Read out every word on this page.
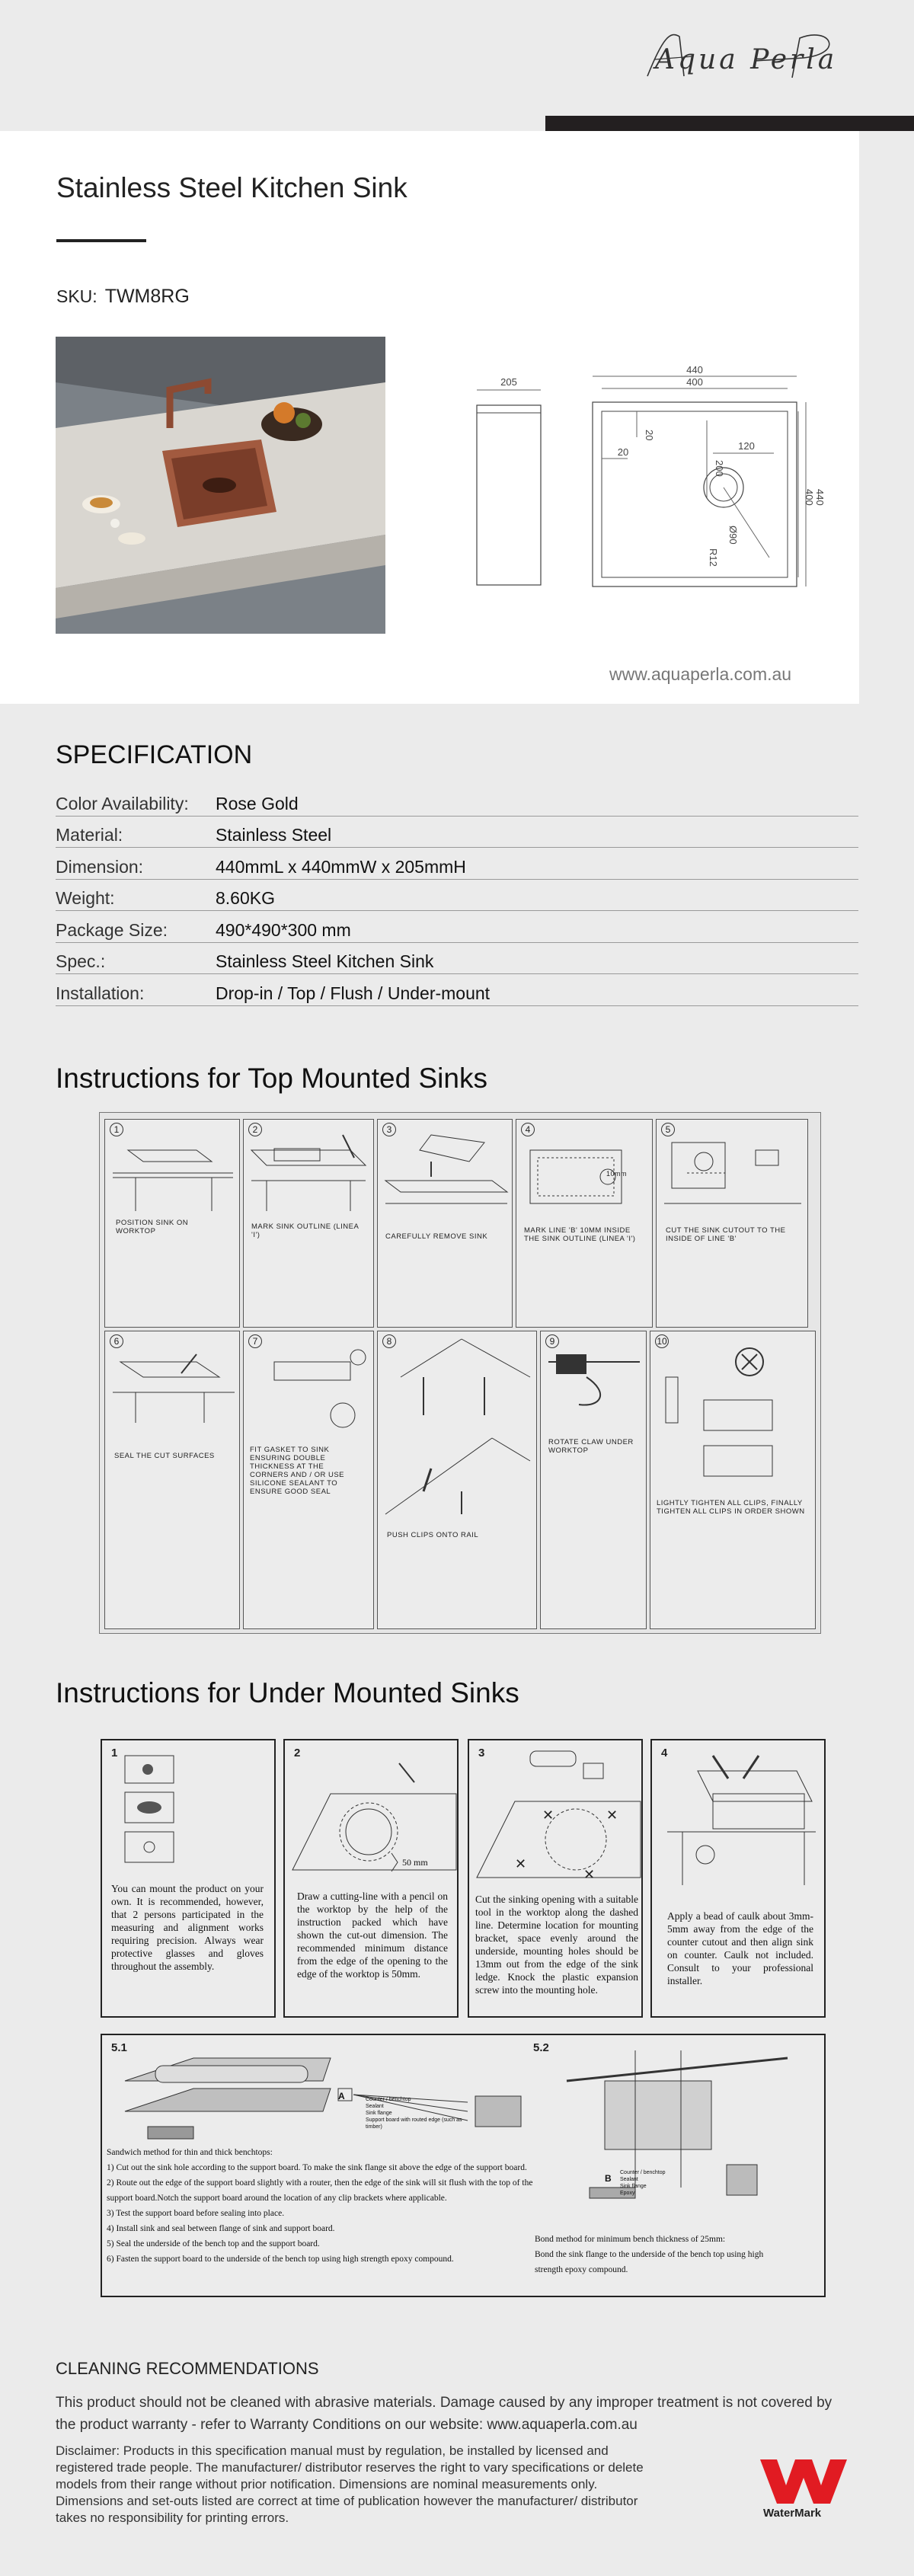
Aqua Perla
Stainless Steel Kitchen Sink
SKU: TWM8RG
205
440
400
20
200
120
20
Ø90
R12
440
400
www.aquaperla.com.au
SPECIFICATION
Color Availability:	Rose Gold
Material:	Stainless Steel
Dimension:	440mmL x 440mmW x 205mmH
Weight:	8.60KG
Package Size:	490*490*300 mm
Spec.:	Stainless Steel Kitchen Sink
Installation:	Drop-in / Top / Flush / Under-mount
Instructions for Top Mounted Sinks
1
POSITION SINK ON WORKTOP
2
MARK SINK OUTLINE (LINEA 'I')
3
CAREFULLY REMOVE SINK
4
10mm
MARK LINE 'B' 10MM INSIDE THE SINK OUTLINE (LINEA 'I')
5
CUT THE SINK CUTOUT TO THE INSIDE OF LINE 'B'
6
SEAL THE CUT SURFACES
7
FIT GASKET TO SINK ENSURING DOUBLE THICKNESS AT THE CORNERS AND / OR USE SILICONE SEALANT TO ENSURE GOOD SEAL
8
PUSH CLIPS ONTO RAIL
9
ROTATE CLAW UNDER WORKTOP
10
LIGHTLY TIGHTEN ALL CLIPS, FINALLY TIGHTEN ALL CLIPS IN ORDER SHOWN
Instructions for Under Mounted Sinks
1
You can mount the product on your own. It is recommended, however, that 2 persons participated in the measuring and alignment works requiring precision. Always wear protective glasses and gloves throughout the assembly.
2
50 mm
Draw a cutting-line with a pencil on the worktop by the help of the instruction packed which have shown the cut-out dimension. The recommended minimum distance from the edge of the opening to the edge of the worktop is 50mm.
3
✕	✕
✕
✕
Cut the sinking opening with a suitable tool in the worktop along the dashed line. Determine location for mounting bracket, space evenly around the underside, mounting holes should be 13mm out from the edge of the sink ledge. Knock the plastic expansion screw into the mounting hole.
4
Apply a bead of caulk about 3mm-5mm away from the edge of the counter cutout and then align sink on counter. Caulk not included. Consult to your professional installer.
5.1	5.2
A	Counter / benchtop
Sealant
Sink flange
Support board with routed edge (such as timber)
B
Counter / benchtop
Sealant
Sink flange
Epoxy
Sandwich method for thin and thick benchtops:
1) Cut out the sink hole according to the support board. To make the sink flange sit above the edge of the support board.
2) Route out the edge of the support board slightly with a router, then the edge of the sink will sit flush with the top of the support board.Notch the support board around the location of any clip brackets where applicable.
3) Test the support board before sealing into place.
4) Install sink and seal between flange of sink and support board.
5) Seal the underside of the bench top and the support board.
6) Fasten the support board to the underside of the bench top using high strength epoxy compound.
Bond method for minimum bench thickness of 25mm:
Bond the sink flange to the underside of the bench top using high strength epoxy compound.
CLEANING RECOMMENDATIONS
This product should not be cleaned with abrasive materials. Damage caused by any improper treatment is not covered by the product warranty - refer to Warranty Conditions on our website: www.aquaperla.com.au
Disclaimer: Products in this specification manual must by regulation, be installed by licensed and registered trade people. The manufacturer/ distributor reserves the right to vary specifications or delete models from their range without prior notification. Dimensions are nominal measurements only. Dimensions and set-outs listed are correct at time of publication however the manufacturer/ distributor takes no responsibility for printing errors.	WaterMark
